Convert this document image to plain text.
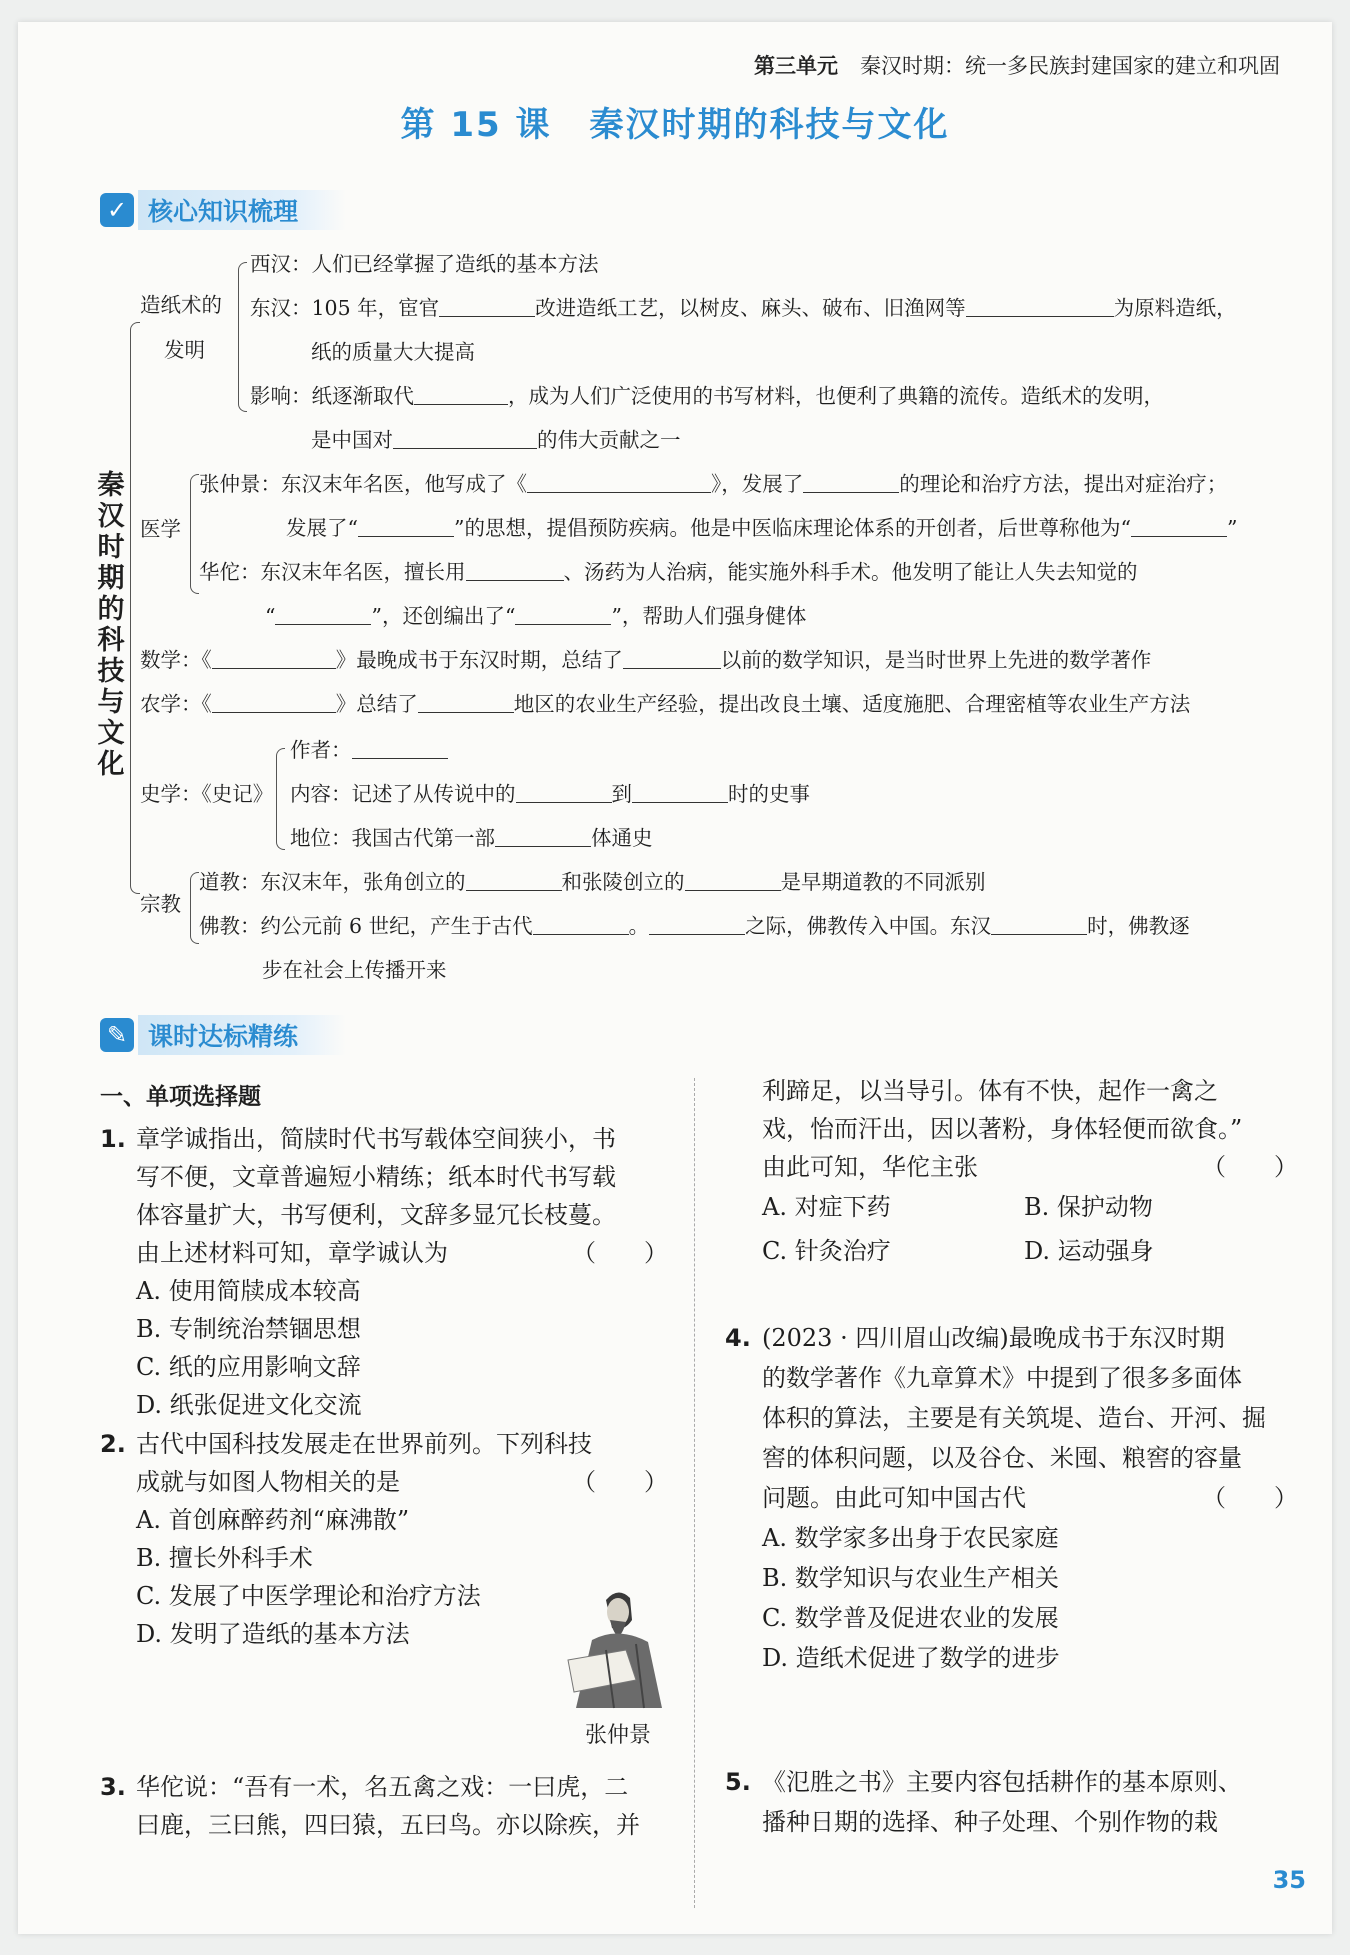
第三单元 秦汉时期：统一多民族封建国家的建立和巩固
第 15 课 秦汉时期的科技与文化
✓ 核心知识梳理
秦汉时期的科技与文化
造纸术的
发明
西汉：人们已经掌握了造纸的基本方法
东汉：105 年，宦官	改进造纸工艺，以树皮、麻头、破布、旧渔网等	为原料造纸，
纸的质量大大提高
影响：纸逐渐取代	，成为人们广泛使用的书写材料，也便利了典籍的流传。造纸术的发明，
是中国对	的伟大贡献之一
医学
张仲景：东汉末年名医，他写成了《	》，发展了	的理论和治疗方法，提出对症治疗；
发展了“	”的思想，提倡预防疾病。他是中医临床理论体系的开创者，后世尊称他为“	”
华佗：东汉末年名医，擅长用	、汤药为人治病，能实施外科手术。他发明了能让人失去知觉的
“	”，还创编出了“	”，帮助人们强身健体
数学：《	》最晚成书于东汉时期，总结了	以前的数学知识，是当时世界上先进的数学著作
农学：《	》总结了	地区的农业生产经验，提出改良土壤、适度施肥、合理密植等农业生产方法
史学：《史记》
作者：
内容：记述了从传说中的	到	时的史事
地位：我国古代第一部	体通史
宗教
道教：东汉末年，张角创立的	和张陵创立的	是早期道教的不同派别
佛教：约公元前 6 世纪，产生于古代	。	之际，佛教传入中国。东汉	时，佛教逐
步在社会上传播开来
✎ 课时达标精练
一、单项选择题
1. 章学诚指出，简牍时代书写载体空间狭小，书
写不便，文章普遍短小精练；纸本时代书写载
体容量扩大，书写便利，文辞多显冗长枝蔓。
由上述材料可知，章学诚认为	（　　）
A. 使用简牍成本较高
B. 专制统治禁锢思想
C. 纸的应用影响文辞
D. 纸张促进文化交流
2. 古代中国科技发展走在世界前列。下列科技
成就与如图人物相关的是	（　　）
A. 首创麻醉药剂“麻沸散”
B. 擅长外科手术
C. 发展了中医学理论和治疗方法
D. 发明了造纸的基本方法
张仲景
3. 华佗说：“吾有一术，名五禽之戏：一曰虎，二
曰鹿，三曰熊，四曰猿，五曰鸟。亦以除疾，并
利蹄足，以当导引。体有不快，起作一禽之
戏，怡而汗出，因以著粉，身体轻便而欲食。”
由此可知，华佗主张	（　　）
A. 对症下药	B. 保护动物
C. 针灸治疗	D. 运动强身
4. (2023 · 四川眉山改编)最晚成书于东汉时期
的数学著作《九章算术》中提到了很多多面体
体积的算法，主要是有关筑堤、造台、开河、掘
窖的体积问题，以及谷仓、米囤、粮窖的容量
问题。由此可知中国古代	（　　）
A. 数学家多出身于农民家庭
B. 数学知识与农业生产相关
C. 数学普及促进农业的发展
D. 造纸术促进了数学的进步
5. 《氾胜之书》主要内容包括耕作的基本原则、
播种日期的选择、种子处理、个别作物的栽
35
